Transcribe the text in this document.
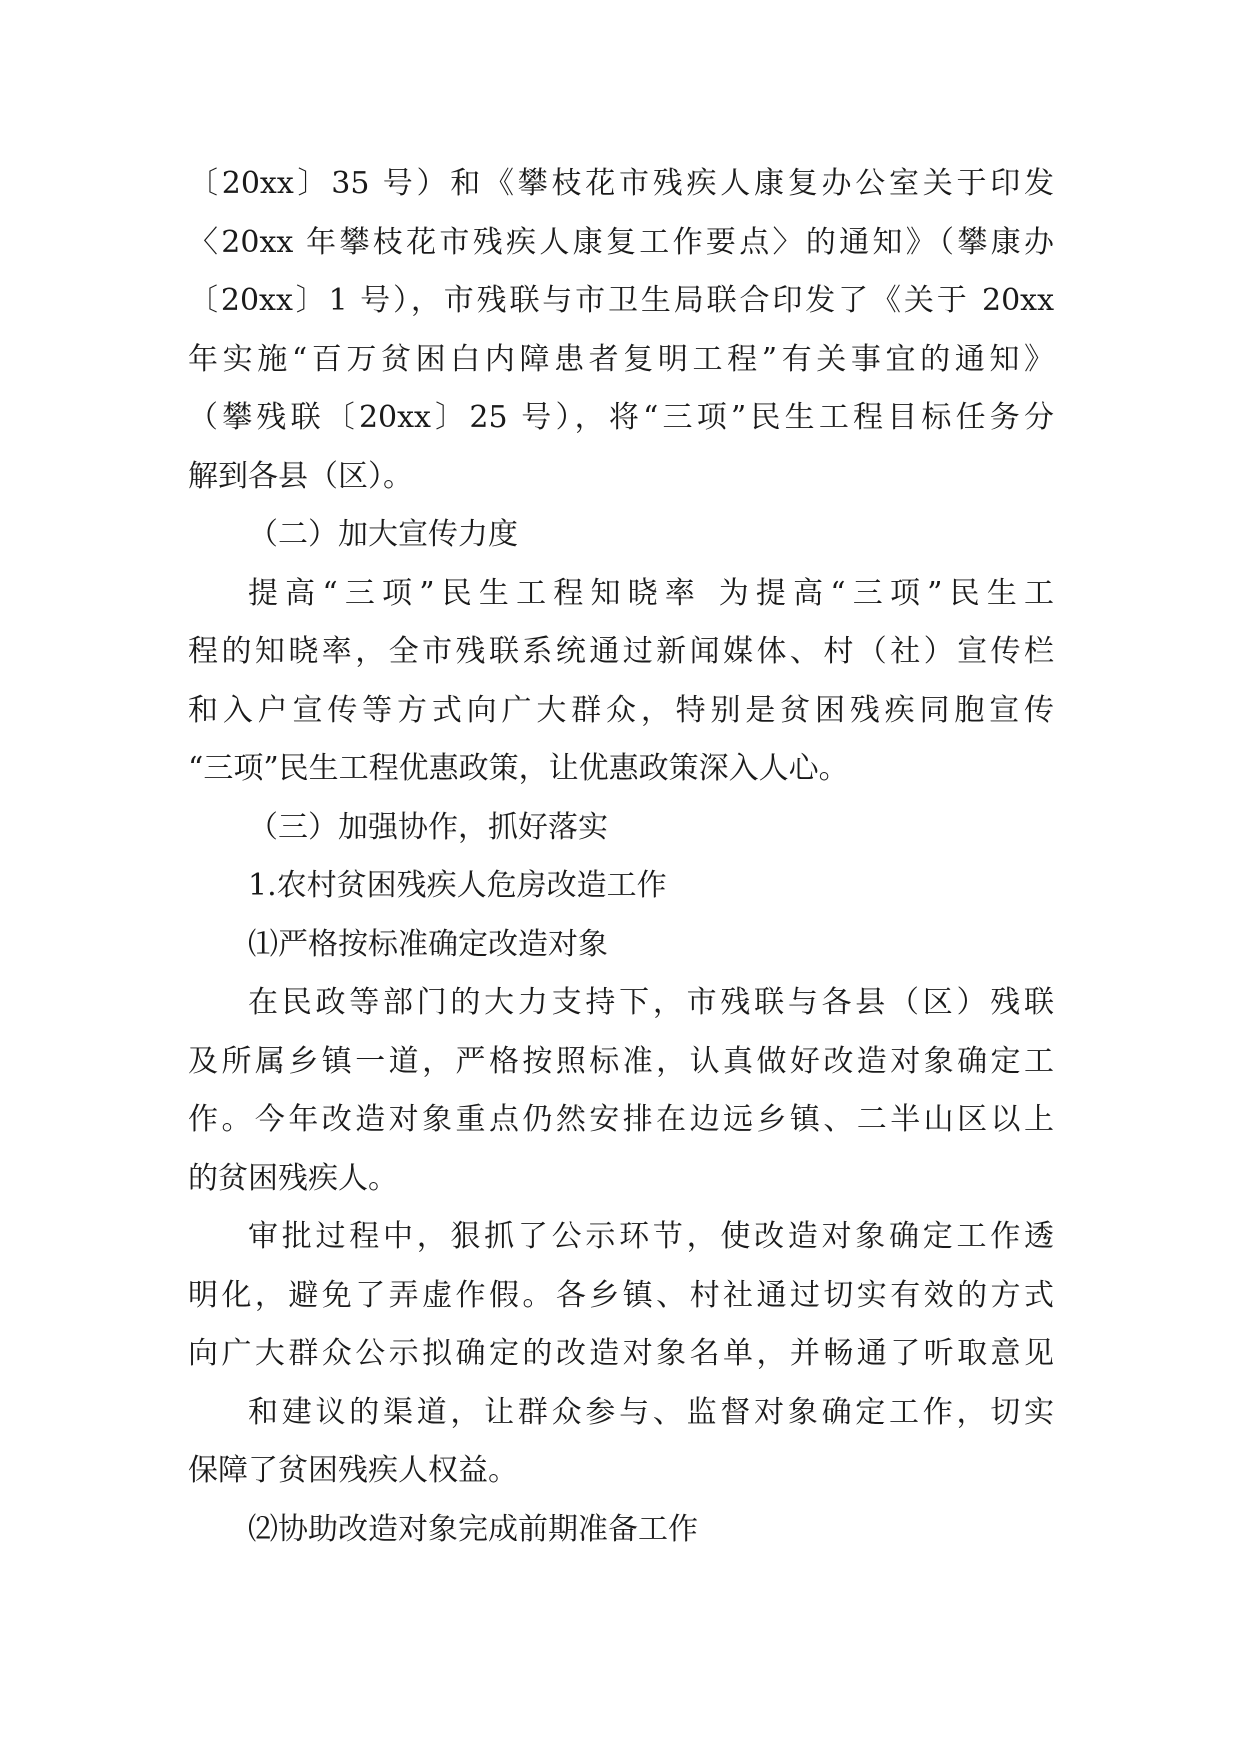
〔20xx〕35 号）和《攀枝花市残疾人康复办公室关于印发
〈20xx 年攀枝花市残疾人康复工作要点〉的通知》（攀康办
〔20xx〕1 号），市残联与市卫生局联合印发了《关于 20xx
年实施“百万贫困白内障患者复明工程”有关事宜的通知》
（攀残联〔20xx〕25 号），将“三项”民生工程目标任务分
解到各县（区）。
（二）加大宣传力度
提高“三项”民生工程知晓率 为提高“三项”民生工
程的知晓率，全市残联系统通过新闻媒体、村（社）宣传栏
和入户宣传等方式向广大群众，特别是贫困残疾同胞宣传
“三项”民生工程优惠政策，让优惠政策深入人心。
（三）加强协作，抓好落实
1.农村贫困残疾人危房改造工作
⑴严格按标准确定改造对象
在民政等部门的大力支持下，市残联与各县（区）残联
及所属乡镇一道，严格按照标准，认真做好改造对象确定工
作。今年改造对象重点仍然安排在边远乡镇、二半山区以上
的贫困残疾人。
审批过程中，狠抓了公示环节，使改造对象确定工作透
明化，避免了弄虚作假。各乡镇、村社通过切实有效的方式
向广大群众公示拟确定的改造对象名单，并畅通了听取意见
和建议的渠道，让群众参与、监督对象确定工作，切实
保障了贫困残疾人权益。
⑵协助改造对象完成前期准备工作
